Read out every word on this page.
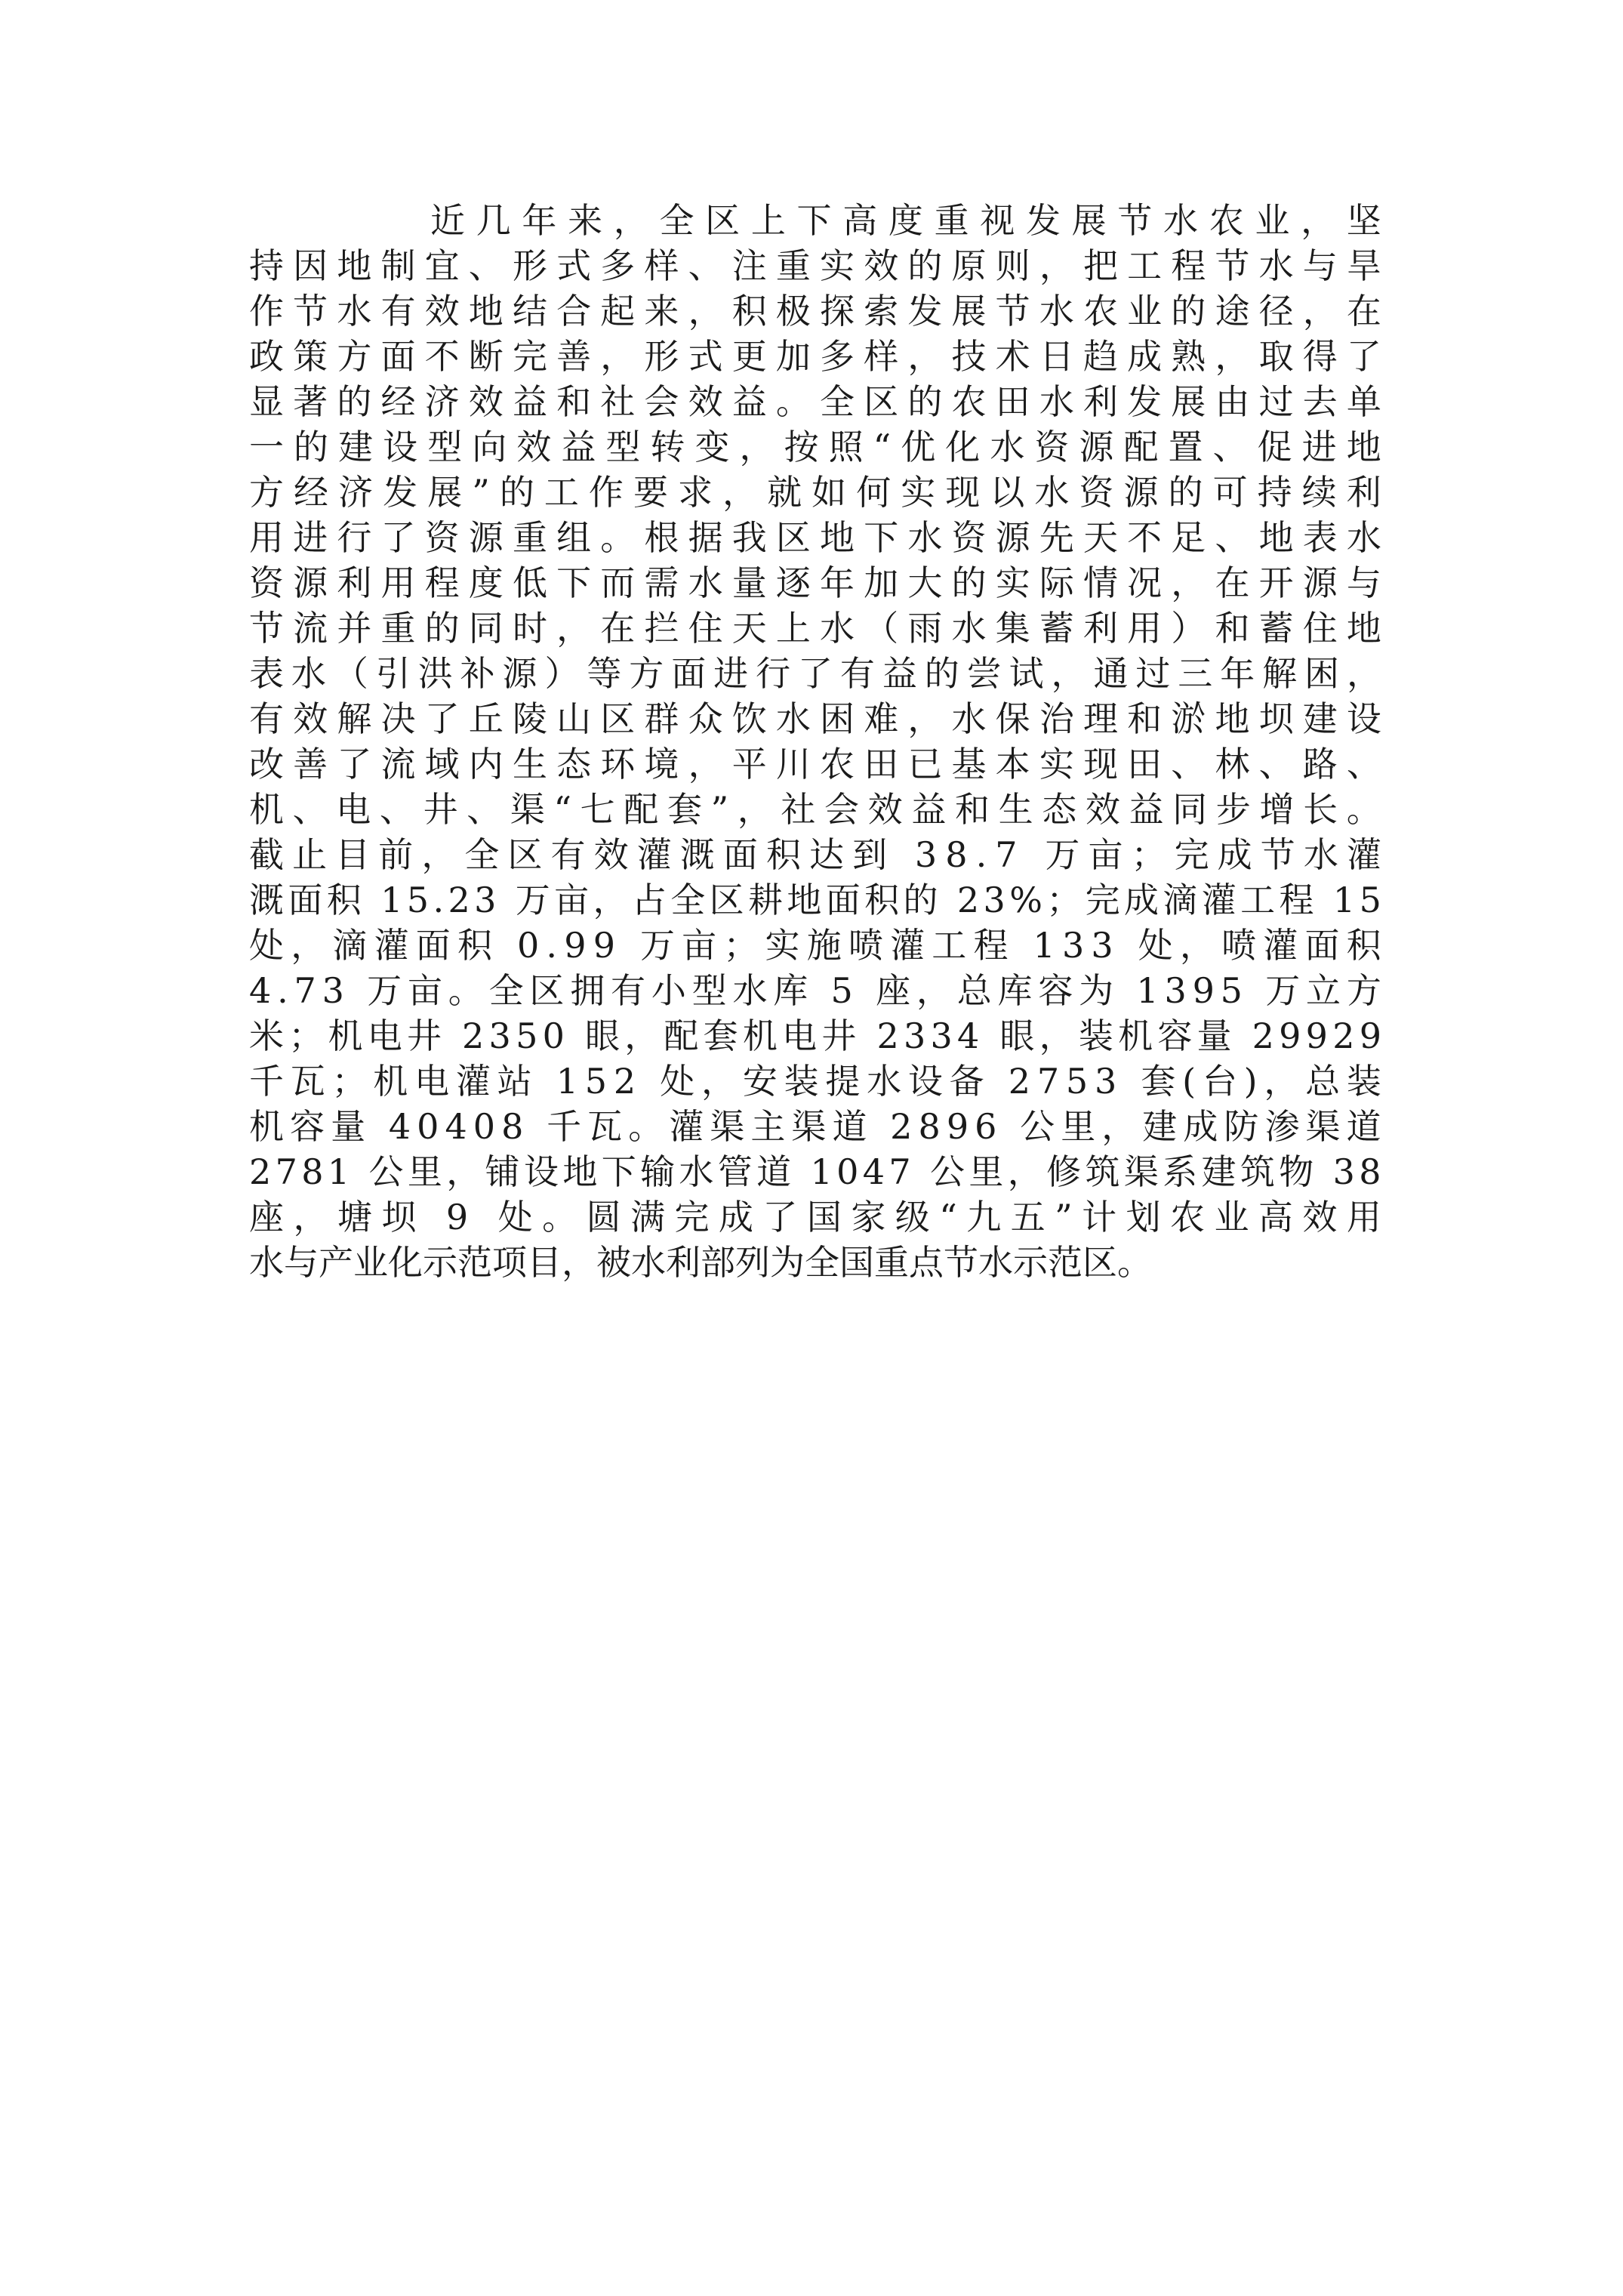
近 几 年 来 ， 全 区 上 下 高 度 重 视 发 展 节 水 农 业 ， 坚
持 因 地 制 宜 、 形 式 多 样 、 注 重 实 效 的 原 则 ， 把 工 程 节 水 与 旱
作 节 水 有 效 地 结 合 起 来 ， 积 极 探 索 发 展 节 水 农 业 的 途 径 ， 在
政 策 方 面 不 断 完 善 ， 形 式 更 加 多 样 ， 技 术 日 趋 成 熟 ， 取 得 了
显 著 的 经 济 效 益 和 社 会 效 益 。 全 区 的 农 田 水 利 发 展 由 过 去 单
一 的 建 设 型 向 效 益 型 转 变 ， 按 照 “ 优 化 水 资 源 配 置 、 促 进 地
方 经 济 发 展 ” 的 工 作 要 求 ， 就 如 何 实 现 以 水 资 源 的 可 持 续 利
用 进 行 了 资 源 重 组 。 根 据 我 区 地 下 水 资 源 先 天 不 足 、 地 表 水
资 源 利 用 程 度 低 下 而 需 水 量 逐 年 加 大 的 实 际 情 况 ， 在 开 源 与
节 流 并 重 的 同 时 ， 在 拦 住 天 上 水 （ 雨 水 集 蓄 利 用 ） 和 蓄 住 地
表 水 （ 引 洪 补 源 ） 等 方 面 进 行 了 有 益 的 尝 试 ， 通 过 三 年 解 困 ，
有 效 解 决 了 丘 陵 山 区 群 众 饮 水 困 难 ， 水 保 治 理 和 淤 地 坝 建 设
改 善 了 流 域 内 生 态 环 境 ， 平 川 农 田 已 基 本 实 现 田 、 林 、 路 、
机 、 电 、 井 、 渠 “ 七 配 套 ” ， 社 会 效 益 和 生 态 效 益 同 步 增 长 。
截 止 目 前 ， 全 区 有 效 灌 溉 面 积 达 到
3 8 . 7
万 亩 ； 完 成 节 水 灌
溉 面 积
1 5 . 2 3
万 亩 ， 占 全 区 耕 地 面 积 的
2 3 % ； 完 成 滴 灌 工 程
1 5
处 ， 滴 灌 面 积
0 . 9 9
万 亩 ； 实 施 喷 灌 工 程
1 3 3
处 ， 喷 灌 面 积
4 . 7 3
万 亩 。 全 区 拥 有 小 型 水 库
5
座 ， 总 库 容 为
1 3 9 5
万 立 方
米 ； 机 电 井
2 3 5 0
眼 ， 配 套 机 电 井
2 3 3 4
眼 ， 装 机 容 量
2 9 9 2 9
千 瓦 ； 机 电 灌 站
1 5 2
处 ， 安 装 提 水 设 备
2 7 5 3
套 ( 台 ) ， 总 装
机 容 量
4 0 4 0 8
千 瓦 。 灌 渠 主 渠 道
2 8 9 6
公 里 ， 建 成 防 渗 渠 道
2 7 8 1
公 里 ， 铺 设 地 下 输 水 管 道
1 0 4 7
公 里 ， 修 筑 渠 系 建 筑 物
3 8
座 ， 塘 坝
9
处 。 圆 满 完 成 了 国 家 级 “ 九 五 ” 计 划 农 业 高 效 用
水与产业化示范项目，被水利部列为全国重点节水示范区。
